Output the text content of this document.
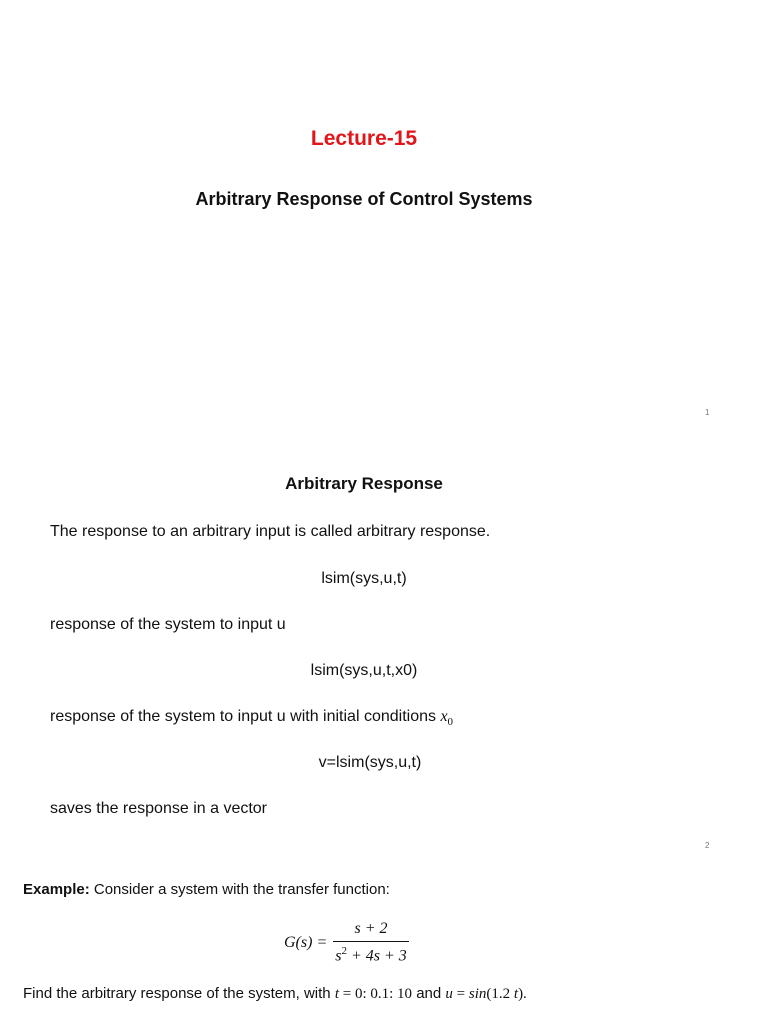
Lecture-15
Arbitrary Response of Control Systems
1
Arbitrary Response
The response to an arbitrary input is called arbitrary response.
lsim(sys,u,t)
response of the system to input u
lsim(sys,u,t,x0)
response of the system to input u with initial conditions $x_0$
v=lsim(sys,u,t)
saves the response in a vector
2
Example: Consider a system with the transfer function:
$G(s) = \frac{s + 2}{s^2 + 4s + 3}$
Find the arbitrary response of the system, with t = 0: 0.1: 10 and u = sin(1.2 t).
